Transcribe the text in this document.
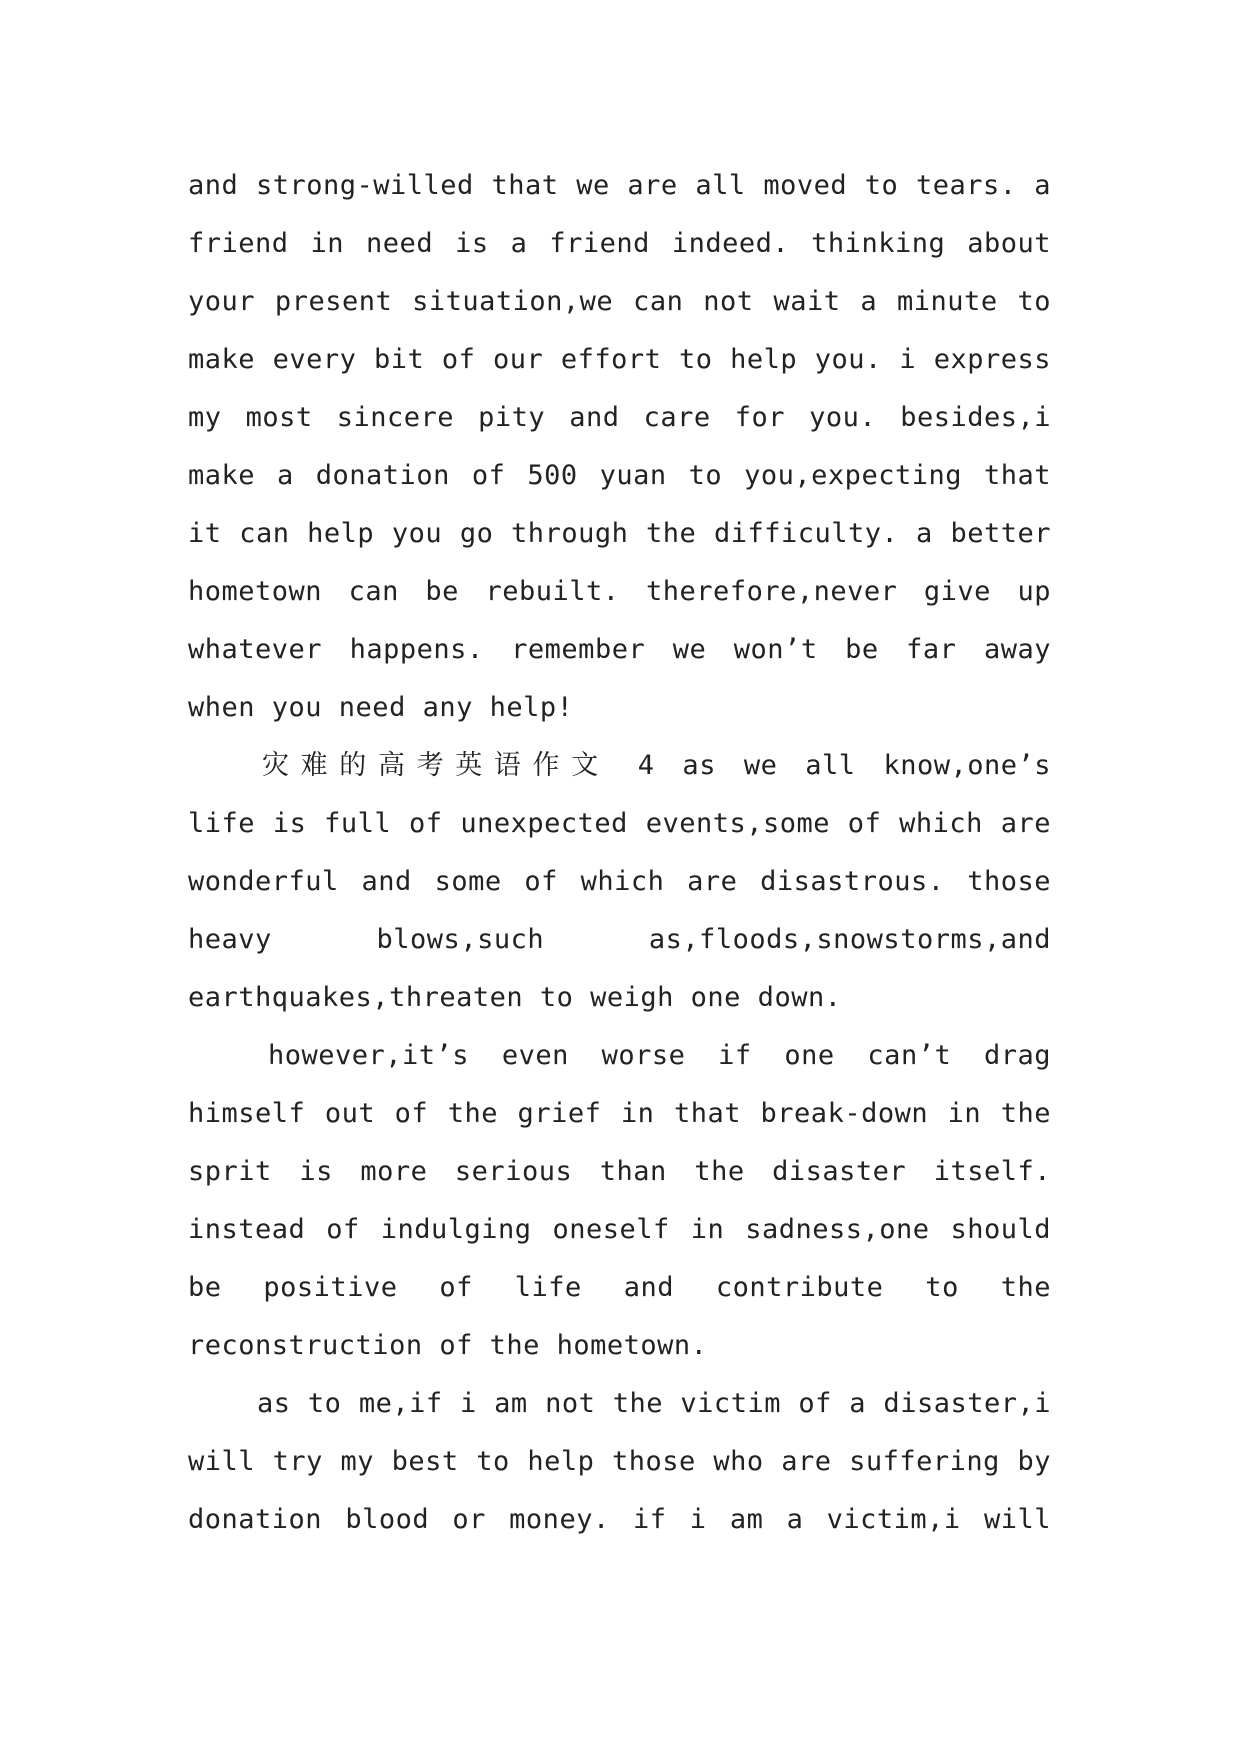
and strong-willed that we are all moved to tears. a
friend in need is a friend indeed. thinking about
your present situation,we can not wait a minute to
make every bit of our effort to help you. i express
my most sincere pity and care for you. besides,i
make a donation of 500 yuan to you,expecting that
it can help you go through the difficulty. a better
hometown can be rebuilt. therefore,never give up
whatever happens. remember we won’t be far away
when you need any help!
灾难的高考英语作文 4 as we all know,one’s
life is full of unexpected events,some of which are
wonderful and some of which are disastrous. those
heavy blows,such as,floods,snowstorms,and
earthquakes,threaten to weigh one down.
however,it’s even worse if one can’t drag
himself out of the grief in that break-down in the
sprit is more serious than the disaster itself.
instead of indulging oneself in sadness,one should
be positive of life and contribute to the
reconstruction of the hometown.
as to me,if i am not the victim of a disaster,i
will try my best to help those who are suffering by
donation blood or money. if i am a victim,i will
